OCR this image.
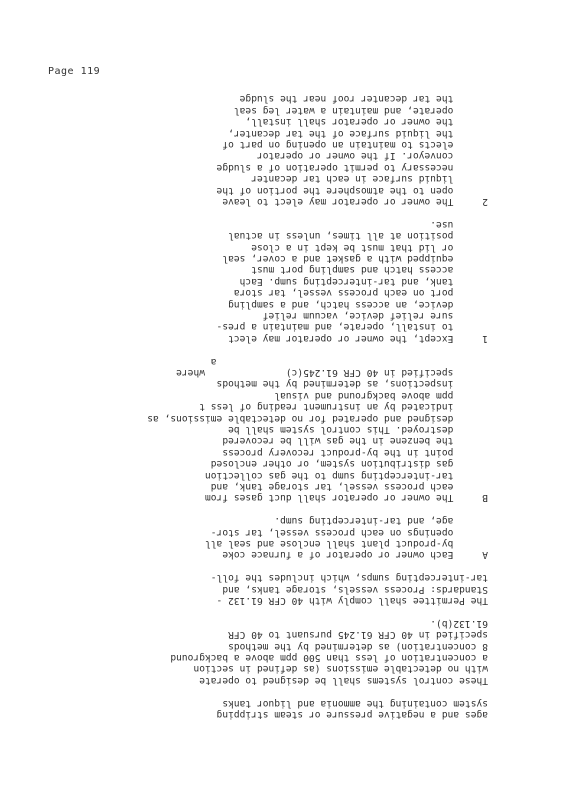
Page 119

ages and a negative pressure or steam stripping

system containing the ammonia and liquor tanks

These control systems shall be designed to operate

with no detectable emissions (as defined in section

a concentration of less than 500 ppm above a background

8 concentration) as determined by the methods

specified in 40 CFR 61.245 pursuant to 40 CFR

61.132(b).

The Permittee shall comply with 40 CFR 61.132 -

Standards: Process vessels, storage tanks, and

tar-intercepting sumps, which includes the foll-

A     Each owner or operator of a furnace coke

by-product plant shall enclose and seal all

openings on each process vessel, tar stor-

age, and tar-intercepting sump.

B     The owner or operator shall duct gases from

each process vessel, tar storage tank, and

tar-intercepting sump to the gas collection

gas distribution system, or other enclosed

point in the by-product recovery process

the benzene in the gas will be recovered

destroyed. This control system shall be

designed and operated for no detectable emissions, as

indicated by an instrument reading of less t

ppm above background and visual

inspections, as determined by the methods

specified in 40 CFR 61.245(c)              where

a

1     Except, the owner or operator may elect

to install, operate, and maintain a pres-

sure relief device, vacuum relief

device, an access hatch, and a sampling

port on each process vessel, tar stora

tank, and tar-intercepting sump. Each

access hatch and sampling port must

equipped with a gasket and a cover, seal

or lid that must be kept in a close

position at all times, unless in actual

use.

2     The owner or operator may elect to leave

open to the atmosphere the portion of the

liquid surface in each tar decanter

necessary to permit operation of a sludge

conveyor. If the owner or operator

elects to maintain an opening on part of

the liquid surface of the tar decanter,

the owner or operator shall install,

operate, and maintain a water leg seal

the tar decanter roof near the sludge
